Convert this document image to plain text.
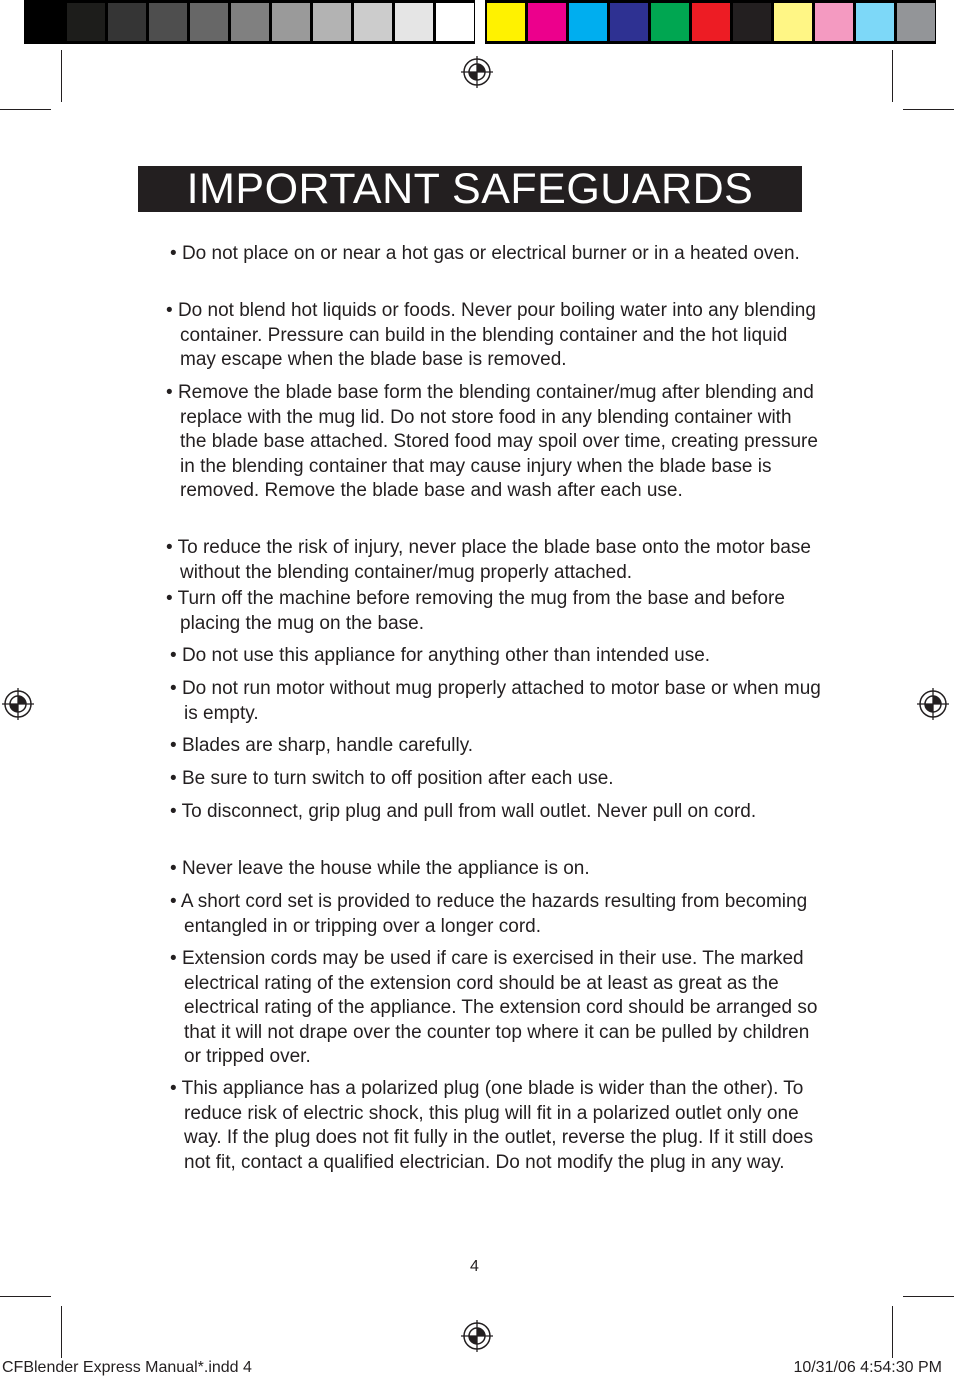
IMPORTANT SAFEGUARDS

• Do not place on or near a hot gas or electrical burner or in a heated oven.

• Do not blend hot liquids or foods. Never pour boiling water into any blending container. Pressure can build in the blending container and the hot liquid may escape when the blade base is removed.

• Remove the blade base form the blending container/mug after blending and replace with the mug lid. Do not store food in any blending container with the blade base attached. Stored food may spoil over time, creating pressure in the blending container that may cause injury when the blade base is removed. Remove the blade base and wash after each use.

• To reduce the risk of injury, never place the blade base onto the motor base without the blending container/mug properly attached.

• Turn off the machine before removing the mug from the base and before placing the mug on the base.

• Do not use this appliance for anything other than intended use.

• Do not run motor without mug properly attached to motor base or when mug is empty.

• Blades are sharp, handle carefully.

• Be sure to turn switch to off position after each use.

• To disconnect, grip plug and pull from wall outlet. Never pull on cord.

• Never leave the house while the appliance is on.

• A short cord set is provided to reduce the hazards resulting from becoming entangled in or tripping over a longer cord.

• Extension cords may be used if care is exercised in their use. The marked electrical rating of the extension cord should be at least as great as the electrical rating of the appliance. The extension cord should be arranged so that it will not drape over the counter top where it can be pulled by children or tripped over.

• This appliance has a polarized plug (one blade is wider than the other). To reduce risk of electric shock, this plug will fit in a polarized outlet only one way. If the plug does not fit fully in the outlet, reverse the plug. If it still does not fit, contact a qualified electrician. Do not modify the plug in any way.

4
CFBlender Express Manual*.indd 4	10/31/06 4:54:30 PM
